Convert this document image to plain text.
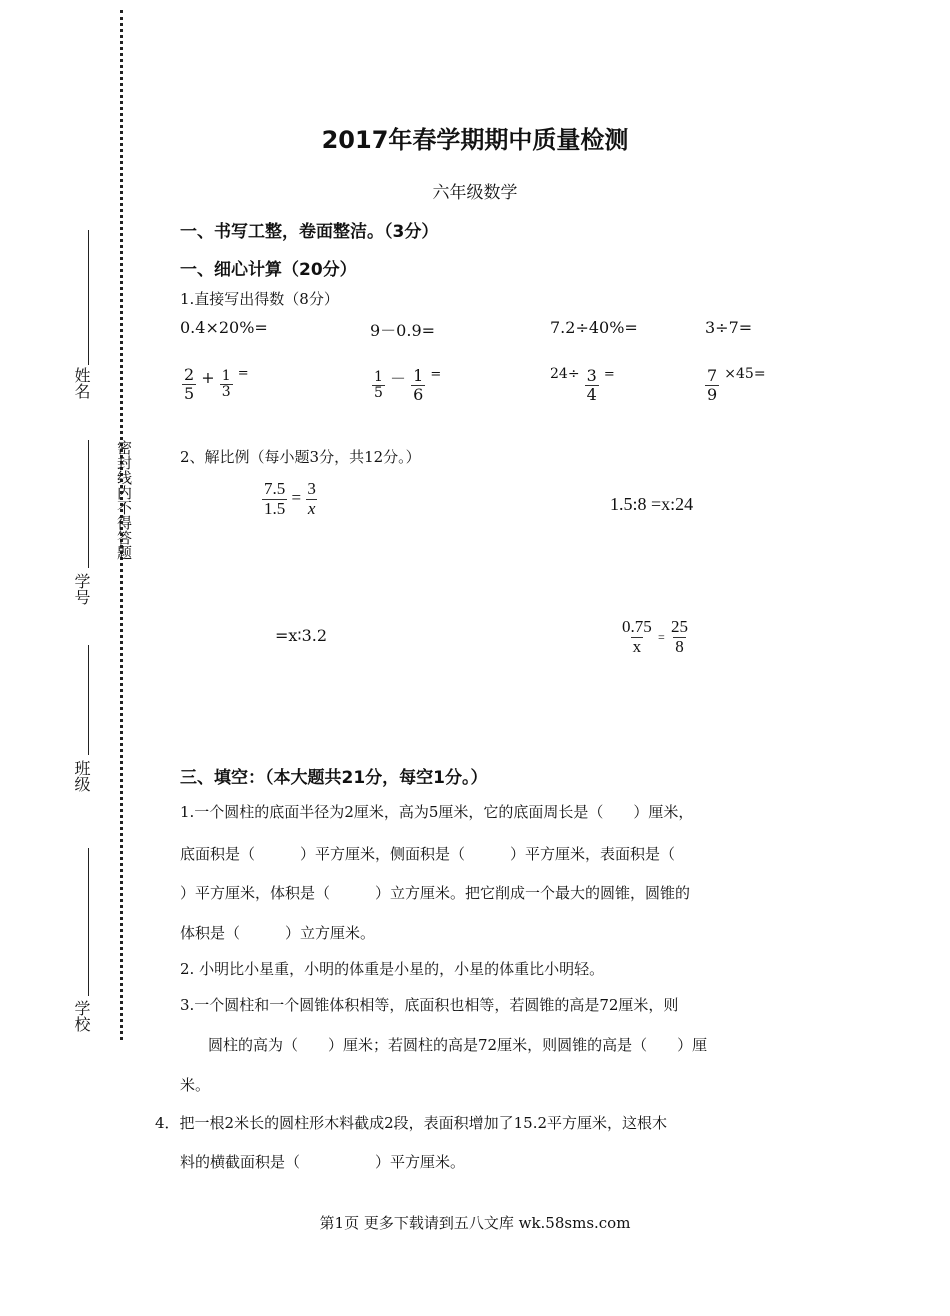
密封线内不得答题
姓名
学号
班级
学校
2017年春学期期中质量检测
六年级数学
一、书写工整，卷面整洁。（3分）
一、细心计算（20分）
1.直接写出得数（8分）
0.4×20%=	9－0.9=	7.2÷40%=	3÷7=
$\frac{2}{5} + \frac{1}{3} ^=$	$\frac{1}{5} - \frac{1}{6} ^=$	$24\div \frac{3}{4} ^=$	$\frac{7}{9} \times 45=$
2、解比例（每小题3分，共12分。）
$\frac{7.5}{1.5} = \frac{3}{x}$	1.5:8 =x:24
=x∶3.2	$\frac{0.75}{x} = \frac{25}{8}$
三、填空：（本大题共21分，每空1分。）
1.一个圆柱的底面半径为2厘米，高为5厘米，它的底面周长是（　　）厘米，
底面积是（　　　）平方厘米，侧面积是（　　　）平方厘米，表面积是（
）平方厘米，体积是（　　　）立方厘米。把它削成一个最大的圆锥，圆锥的
体积是（　　　）立方厘米。
2. 小明比小星重，小明的体重是小星的，小星的体重比小明轻。
3.一个圆柱和一个圆锥体积相等，底面积也相等，若圆锥的高是72厘米，则
圆柱的高为（　　）厘米；若圆柱的高是72厘米，则圆锥的高是（　　）厘
米。
4．把一根2米长的圆柱形木料截成2段，表面积增加了15.2平方厘米，这根木
料的横截面积是（　　　　　）平方厘米。
第1页 更多下载请到五八文库 wk.58sms.com
